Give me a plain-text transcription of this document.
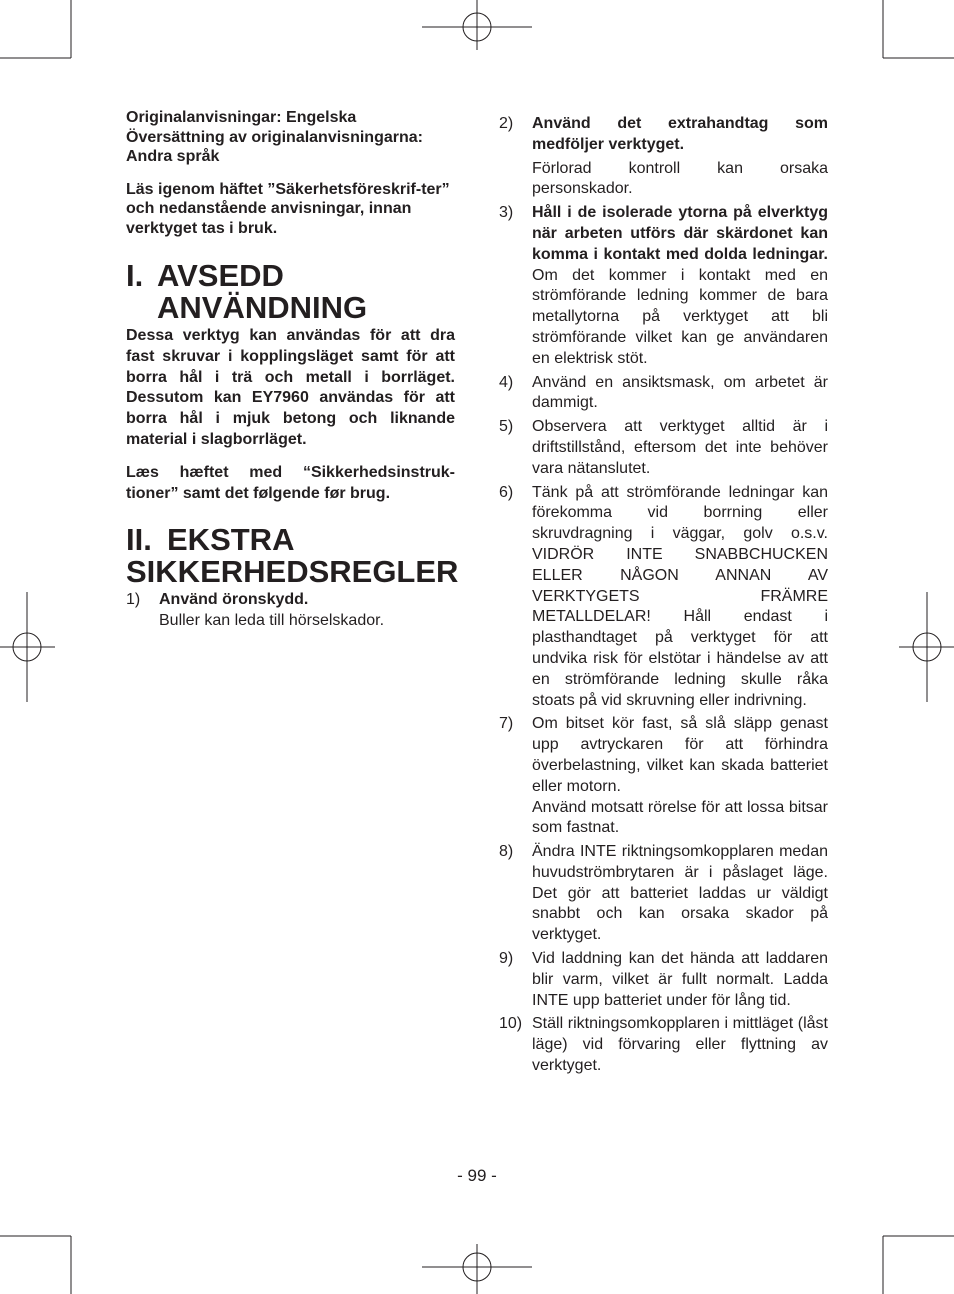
Originalanvisningar: Engelska
Översättning av originalanvisningarna:
Andra språk

Läs igenom häftet ”Säkerhetsföreskrif-ter” och nedanstående anvisningar, innan verktyget tas i bruk.

I. AVSEDD
ANVÄNDNING

Dessa verktyg kan användas för att dra fast skruvar i kopplingsläget samt för att borra hål i trä och metall i borrläget. Dessutom kan EY7960 användas för att borra hål i mjuk betong och liknande material i slagborrläget.

Læs hæftet med “Sikkerhedsinstruk-tioner” samt det følgende før brug.

II. EKSTRA
SIKKERHEDSREGLER
1)	Använd öronskydd.

Buller kan leda till hörselskador.

2)	Använd det extrahandtag som medföljer verktyget.

Förlorad kontroll kan orsaka personskador.

3)	Håll i de isolerade ytorna på elverktyg när arbeten utförs där skärdonet kan komma i kontakt med dolda ledningar. Om det kommer i kontakt med en strömförande ledning kommer de bara metallytorna på verktyget att bli strömförande vilket kan ge användaren en elektrisk stöt.

4)	Använd en ansiktsmask, om arbetet är dammigt.

5)	Observera att verktyget alltid är i driftstillstånd, eftersom det inte behöver vara nätanslutet.

6)	Tänk på att strömförande ledningar kan förekomma vid borrning eller skruvdragning i väggar, golv o.s.v. VIDRÖR INTE SNABBCHUCKEN ELLER NÅGON ANNAN AV VERKTYGETS FRÄMRE METALLDELAR! Håll endast i plasthandtaget på verktyget för att undvika risk för elstötar i händelse av att en strömförande ledning skulle råka stoats på vid skruvning eller indrivning.

7)	Om bitset kör fast, så slå släpp genast upp avtryckaren för att förhindra överbelastning, vilket kan skada batteriet eller motorn.

Använd motsatt rörelse för att lossa bitsar som fastnat.

8)	Ändra INTE riktningsomkopplaren medan huvudströmbrytaren är i påslaget läge. Det gör att batteriet laddas ur väldigt snabbt och kan orsaka skador på verktyget.

9)	Vid laddning kan det hända att laddaren blir varm, vilket är fullt normalt. Ladda INTE upp batteriet under för lång tid.

10) Ställ riktningsomkopplaren i mittläget (låst läge) vid förvaring eller flyttning av verktyget.

- 99 -
